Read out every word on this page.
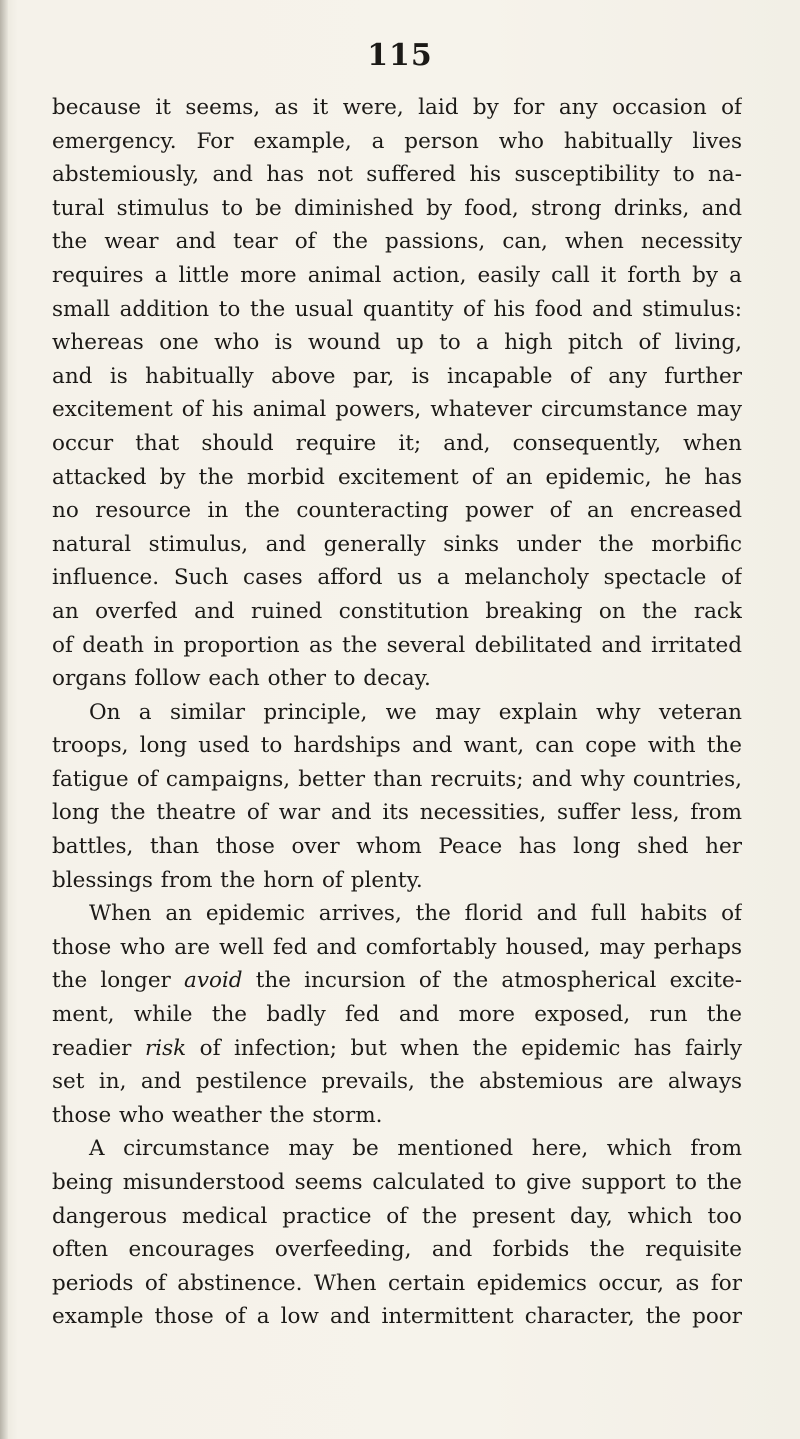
115
because it seems, as it were, laid by for any occasion of
emergency. For example, a person who habitually lives
abstemiously, and has not suffered his susceptibility to na-
tural stimulus to be diminished by food, strong drinks, and
the wear and tear of the passions, can, when necessity
requires a little more animal action, easily call it forth by a
small addition to the usual quantity of his food and stimulus:
whereas one who is wound up to a high pitch of living,
and is habitually above par, is incapable of any further
excitement of his animal powers, whatever circumstance may
occur that should require it; and, consequently, when
attacked by the morbid excitement of an epidemic, he has
no resource in the counteracting power of an encreased
natural stimulus, and generally sinks under the morbific
influence. Such cases afford us a melancholy spectacle of
an overfed and ruined constitution breaking on the rack
of death in proportion as the several debilitated and irritated
organs follow each other to decay.
On a similar principle, we may explain why veteran
troops, long used to hardships and want, can cope with the
fatigue of campaigns, better than recruits; and why countries,
long the theatre of war and its necessities, suffer less, from
battles, than those over whom Peace has long shed her
blessings from the horn of plenty.
When an epidemic arrives, the florid and full habits of
those who are well fed and comfortably housed, may perhaps
the longer avoid the incursion of the atmospherical excite-
ment, while the badly fed and more exposed, run the
readier risk of infection; but when the epidemic has fairly
set in, and pestilence prevails, the abstemious are always
those who weather the storm.
A circumstance may be mentioned here, which from
being misunderstood seems calculated to give support to the
dangerous medical practice of the present day, which too
often encourages overfeeding, and forbids the requisite
periods of abstinence. When certain epidemics occur, as for
example those of a low and intermittent character, the poor
